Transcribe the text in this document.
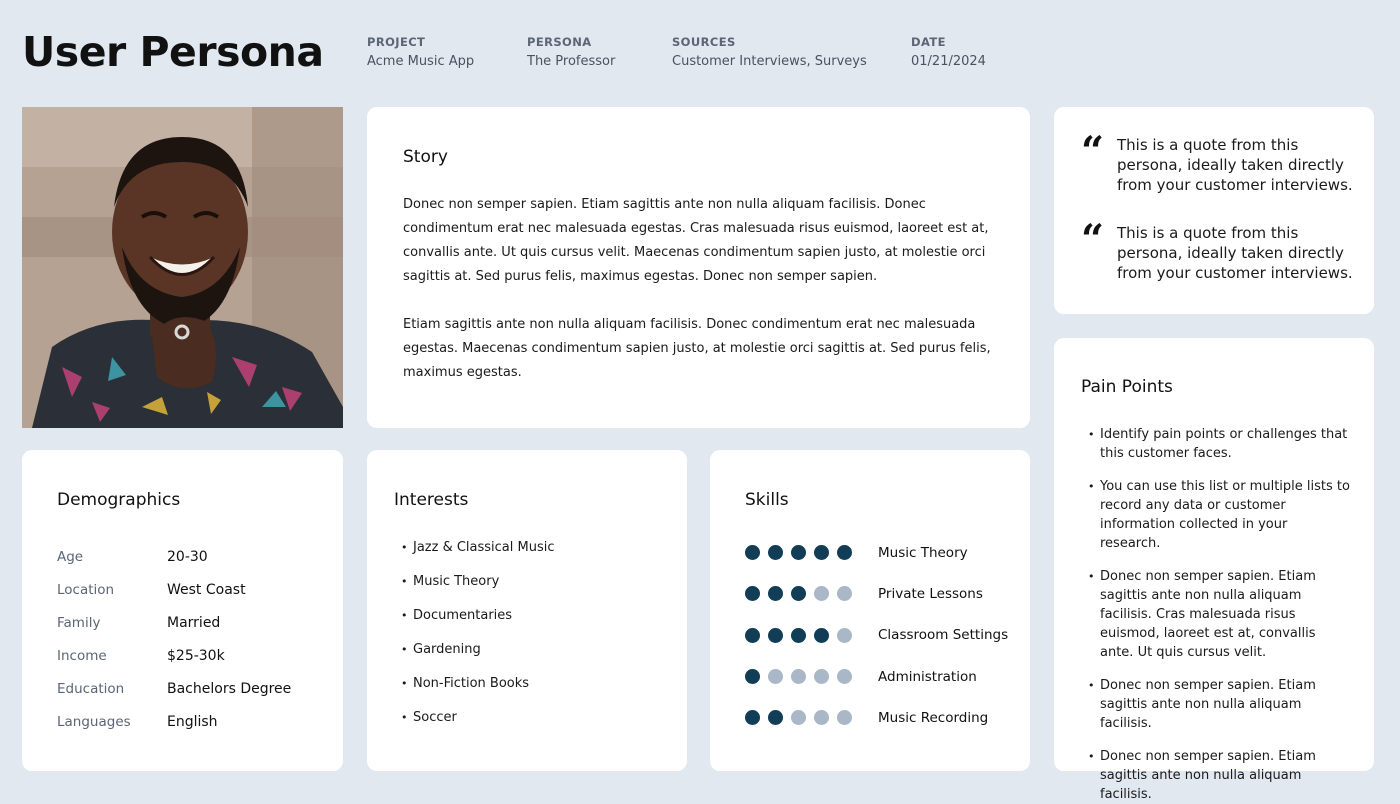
User Persona	PROJECT
Acme Music App
PERSONA
The Professor
SOURCES
Customer Interviews, Surveys
DATE
01/21/2024
Story

Donec non semper sapien. Etiam sagittis ante non nulla aliquam facilisis. Donec condimentum erat nec malesuada egestas. Cras malesuada risus euismod, laoreet est at, convallis ante. Ut quis cursus velit. Maecenas condimentum sapien justo, at molestie orci sagittis at. Sed purus felis, maximus egestas. Donec non semper sapien.

Etiam sagittis ante non nulla aliquam facilisis. Donec condimentum erat nec malesuada egestas. Maecenas condimentum sapien justo, at molestie orci sagittis at. Sed purus felis, maximus egestas.

“ This is a quote from this persona, ideally taken directly from your customer interviews.
“ This is a quote from this persona, ideally taken directly from your customer interviews.
Pain Points
• Identify pain points or challenges that this customer faces.
• You can use this list or multiple lists to record any data or customer information collected in your research.
• Donec non semper sapien. Etiam sagittis ante non nulla aliquam facilisis. Cras malesuada risus euismod, laoreet est at, convallis ante. Ut quis cursus velit.
• Donec non semper sapien. Etiam sagittis ante non nulla aliquam facilisis.
• Donec non semper sapien. Etiam sagittis ante non nulla aliquam facilisis.
Demographics
Age	20-30
Location	West Coast
Family	Married
Income	$25-30k
Education	Bachelors Degree
Languages	English
Interests
• Jazz & Classical Music
• Music Theory
• Documentaries
• Gardening
• Non-Fiction Books
• Soccer
Skills
Music Theory
Private Lessons
Classroom Settings
Administration
Music Recording
